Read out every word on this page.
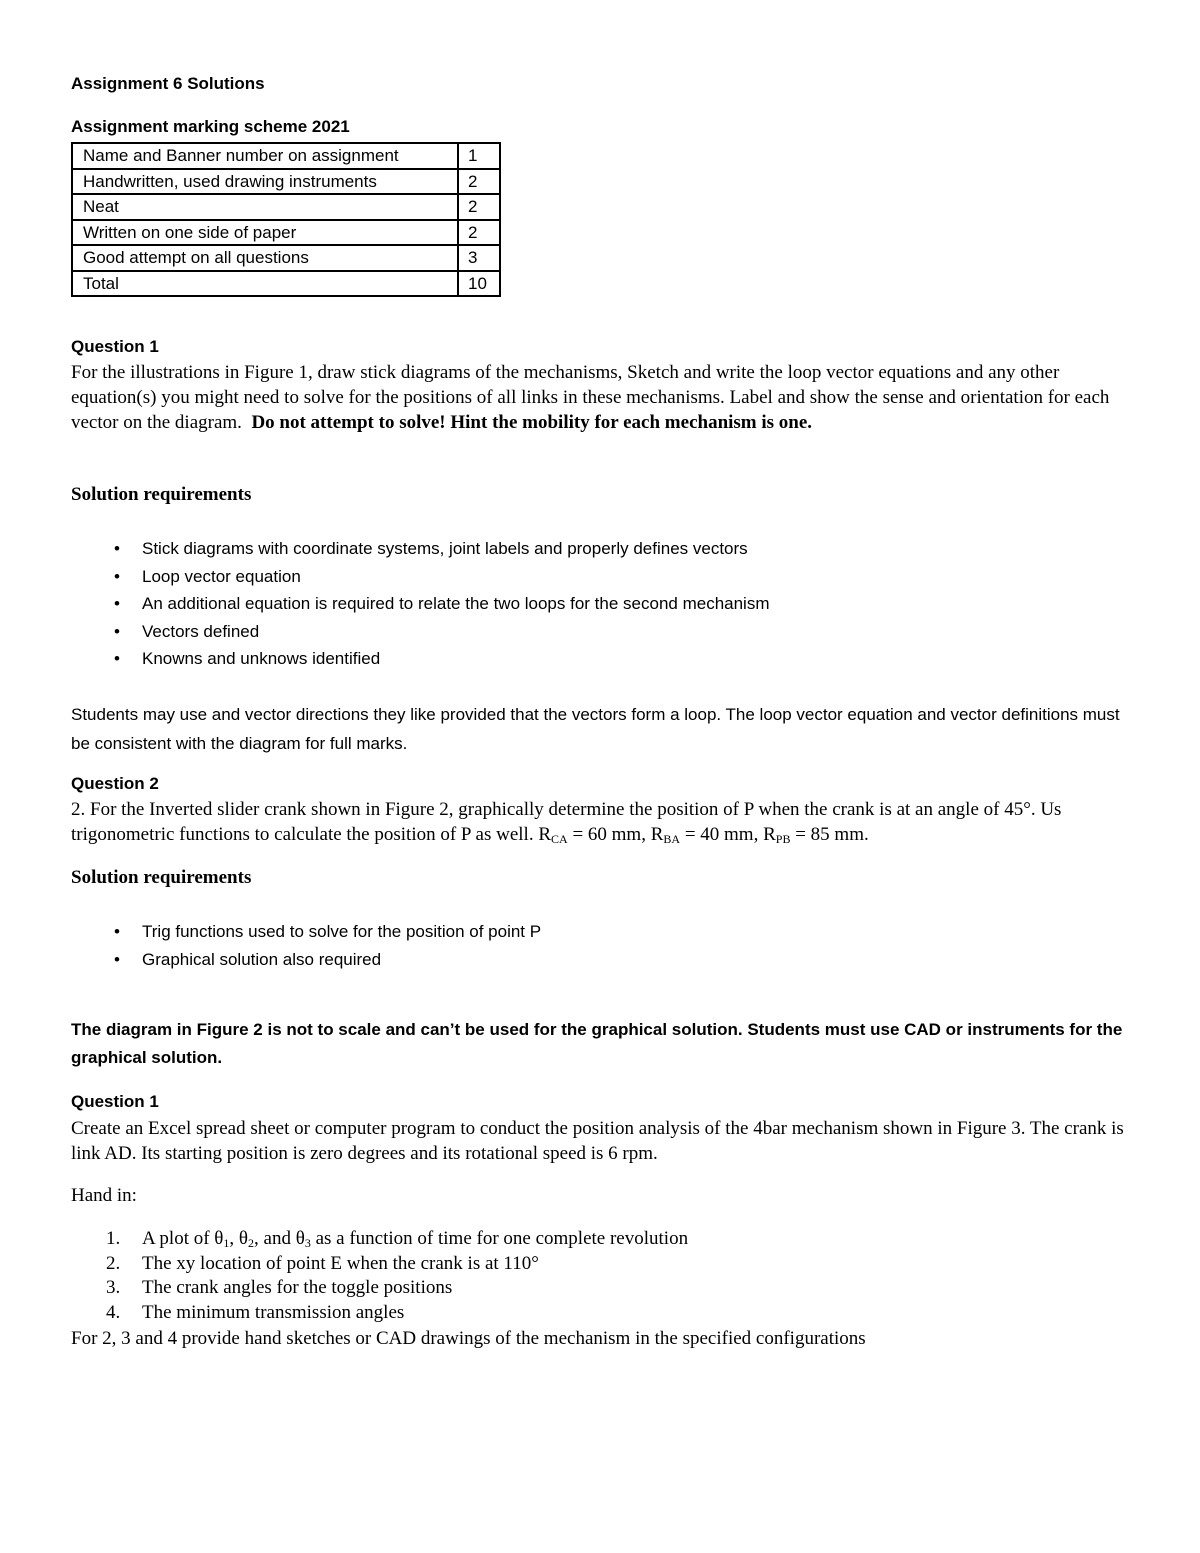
Assignment 6 Solutions
Assignment marking scheme 2021
Name and Banner number on assignment	1
Handwritten, used drawing instruments	2
Neat	2
Written on one side of paper	2
Good attempt on all questions	3
Total	10
Question 1
For the illustrations in Figure 1, draw stick diagrams of the mechanisms, Sketch and write the loop vector equations and any other equation(s) you might need to solve for the positions of all links in these mechanisms. Label and show the sense and orientation for each vector on the diagram. Do not attempt to solve! Hint the mobility for each mechanism is one.
Solution requirements
• Stick diagrams with coordinate systems, joint labels and properly defines vectors
• Loop vector equation
• An additional equation is required to relate the two loops for the second mechanism
• Vectors defined
• Knowns and unknows identified
Students may use and vector directions they like provided that the vectors form a loop. The loop vector equation and vector definitions must be consistent with the diagram for full marks.
Question 2
2. For the Inverted slider crank shown in Figure 2, graphically determine the position of P when the crank is at an angle of 45°. Us trigonometric functions to calculate the position of P as well. $R_{CA} = 60$ mm, $R_{BA} = 40$ mm, $R_{PB} = 85$ mm.
Solution requirements
• Trig functions used to solve for the position of point P
• Graphical solution also required
The diagram in Figure 2 is not to scale and can’t be used for the graphical solution. Students must use CAD or instruments for the graphical solution.
Question 1
Create an Excel spread sheet or computer program to conduct the position analysis of the 4bar mechanism shown in Figure 3. The crank is link AD. Its starting position is zero degrees and its rotational speed is 6 rpm.
Hand in:
1. A plot of $\theta_1$, $\theta_2$, and $\theta_3$ as a function of time for one complete revolution
2. The xy location of point E when the crank is at 110°
3. The crank angles for the toggle positions
4. The minimum transmission angles
For 2, 3 and 4 provide hand sketches or CAD drawings of the mechanism in the specified configurations
